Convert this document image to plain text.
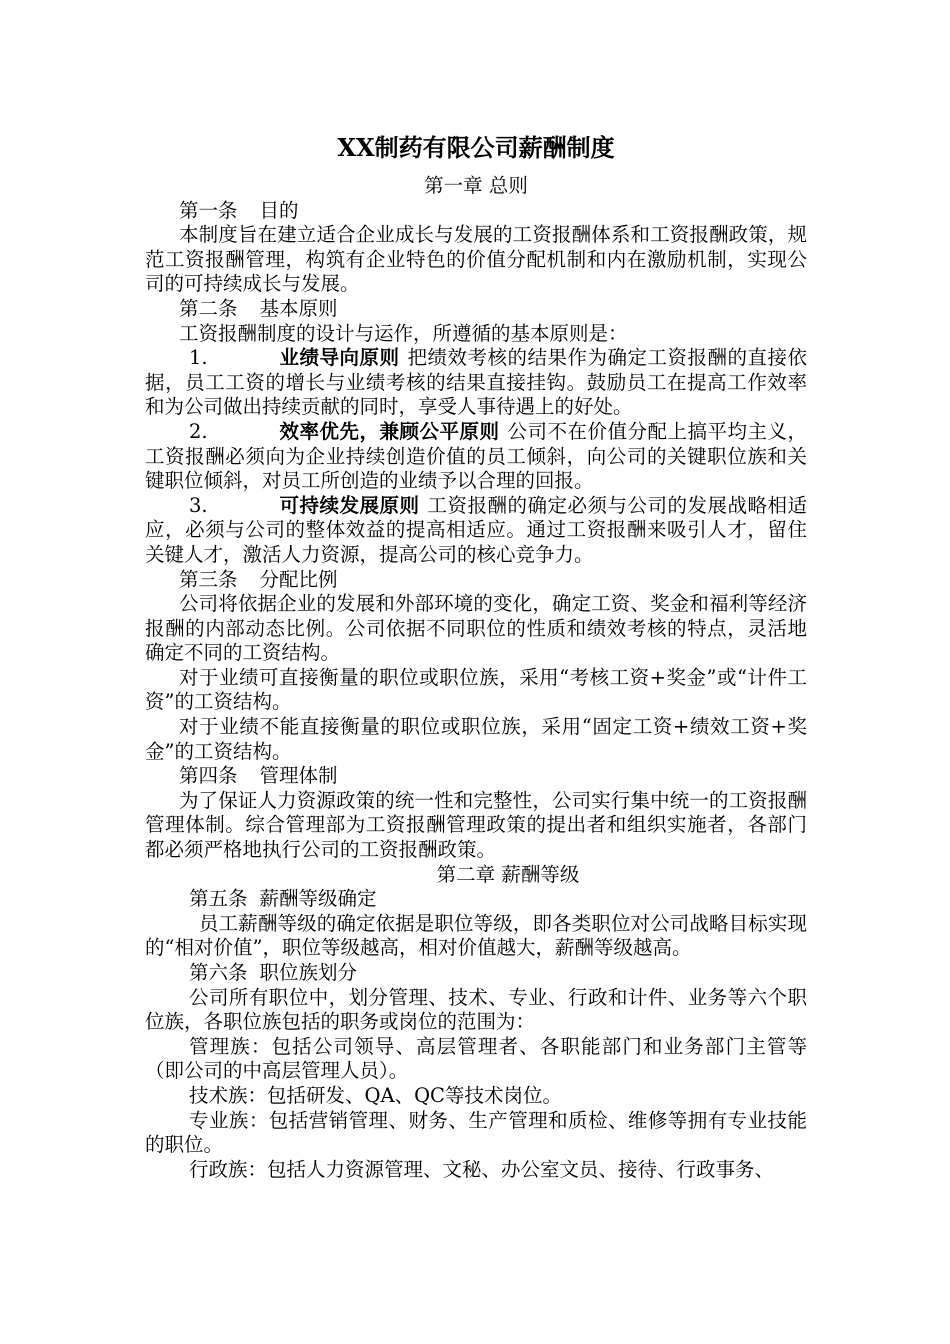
XX制药有限公司薪酬制度
第一章 总则

第一条 目的

本制度旨在建立适合企业成长与发展的工资报酬体系和工资报酬政策，规范工资报酬管理，构筑有企业特色的价值分配机制和内在激励机制，实现公司的可持续成长与发展。

第二条 基本原则

工资报酬制度的设计与运作，所遵循的基本原则是：

1.	业绩导向原则 把绩效考核的结果作为确定工资报酬的直接依据，员工工资的增长与业绩考核的结果直接挂钩。鼓励员工在提高工作效率和为公司做出持续贡献的同时，享受人事待遇上的好处。

2.	效率优先，兼顾公平原则 公司不在价值分配上搞平均主义，工资报酬必须向为企业持续创造价值的员工倾斜，向公司的关键职位族和关键职位倾斜，对员工所创造的业绩予以合理的回报。

3.	可持续发展原则 工资报酬的确定必须与公司的发展战略相适应，必须与公司的整体效益的提高相适应。通过工资报酬来吸引人才，留住关键人才，激活人力资源，提高公司的核心竞争力。

第三条 分配比例

公司将依据企业的发展和外部环境的变化，确定工资、奖金和福利等经济报酬的内部动态比例。公司依据不同职位的性质和绩效考核的特点，灵活地确定不同的工资结构。

对于业绩可直接衡量的职位或职位族，采用“考核工资+奖金”或“计件工资”的工资结构。

对于业绩不能直接衡量的职位或职位族，采用“固定工资+绩效工资+奖金”的工资结构。

第四条 管理体制

为了保证人力资源政策的统一性和完整性，公司实行集中统一的工资报酬管理体制。综合管理部为工资报酬管理政策的提出者和组织实施者，各部门都必须严格地执行公司的工资报酬政策。

第二章 薪酬等级

第五条 薪酬等级确定

员工薪酬等级的确定依据是职位等级，即各类职位对公司战略目标实现的“相对价值”，职位等级越高，相对价值越大，薪酬等级越高。

第六条 职位族划分

公司所有职位中，划分管理、技术、专业、行政和计件、业务等六个职位族，各职位族包括的职务或岗位的范围为：

管理族：包括公司领导、高层管理者、各职能部门和业务部门主管等（即公司的中高层管理人员）。

技术族：包括研发、QA、QC等技术岗位。

专业族：包括营销管理、财务、生产管理和质检、维修等拥有专业技能的职位。

行政族：包括人力资源管理、文秘、办公室文员、接待、行政事务、
